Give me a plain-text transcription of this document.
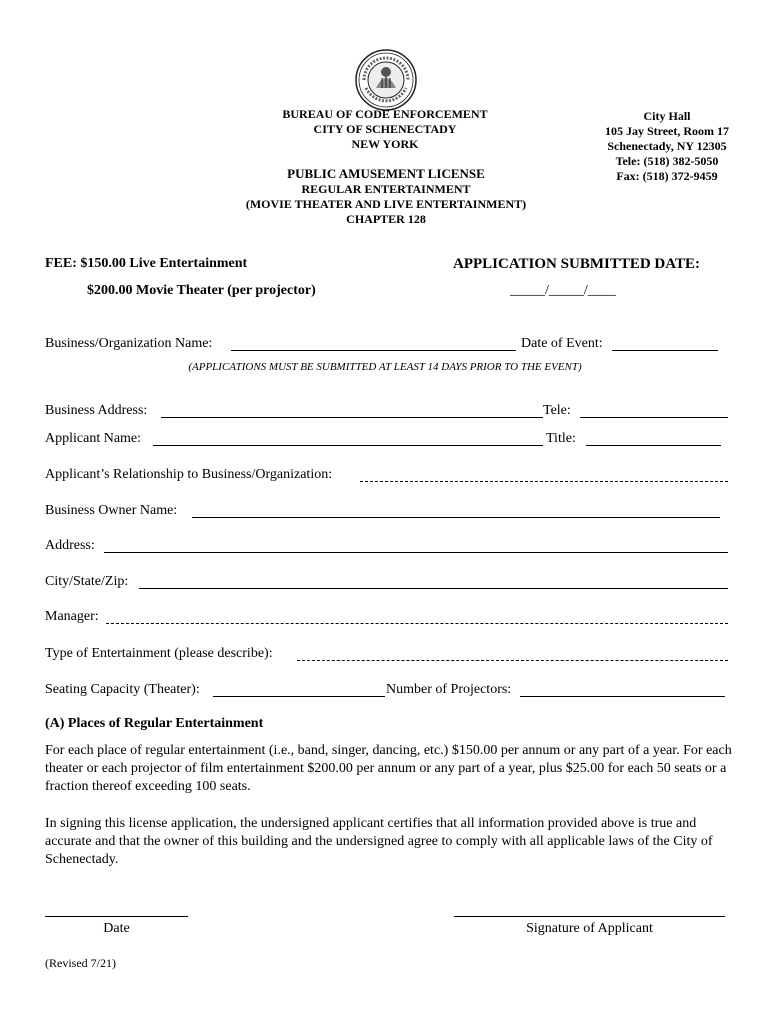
BUREAU OF CODE ENFORCEMENT
CITY OF SCHENECTADY
NEW YORK
PUBLIC AMUSEMENT LICENSE
REGULAR ENTERTAINMENT
(MOVIE THEATER AND LIVE ENTERTAINMENT)
CHAPTER 128
City Hall
105 Jay Street, Room 17
Schenectady, NY 12305
Tele: (518) 382-5050
Fax: (518) 372-9459
FEE: $150.00 Live Entertainment
$200.00 Movie Theater (per projector)
APPLICATION SUBMITTED DATE:
_____/_____/____
Business/Organization Name:	Date of Event:
(APPLICATIONS MUST BE SUBMITTED AT LEAST 14 DAYS PRIOR TO THE EVENT)
Business Address:	Tele:
Applicant Name:	Title:
Applicant’s Relationship to Business/Organization:
Business Owner Name:
Address:
City/State/Zip:
Manager:
Type of Entertainment (please describe):
Seating Capacity (Theater):	Number of Projectors:
(A) Places of Regular Entertainment
For each place of regular entertainment (i.e., band, singer, dancing, etc.) $150.00 per annum or any part of a year. For each theater or each projector of film entertainment $200.00 per annum or any part of a year, plus $25.00 for each 50 seats or a fraction thereof exceeding 100 seats.
In signing this license application, the undersigned applicant certifies that all information provided above is true and accurate and that the owner of this building and the undersigned agree to comply with all applicable laws of the City of Schenectady.
Date	Signature of Applicant
(Revised 7/21)
